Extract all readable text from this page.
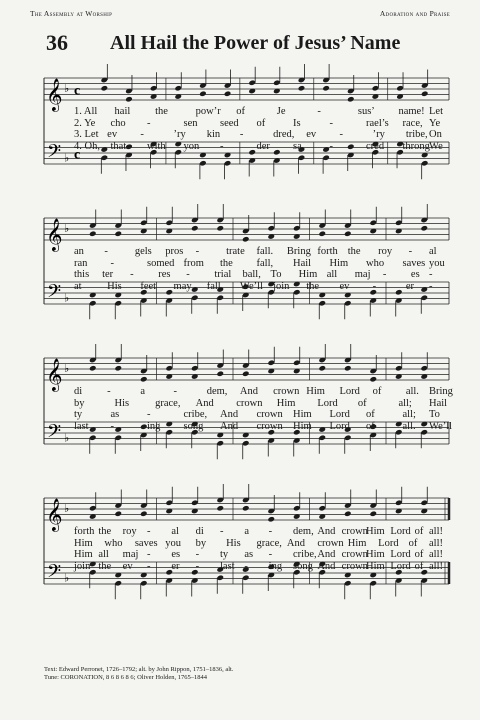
The Assembly at Worship	Adoration and Praise
36 All Hail the Power of Jesus’ Name
𝄞
𝄢
♭
♭
c
c
1. All hail the	pow’r of	Je	-	sus’ name! Let
2. Ye cho -	sen seed of	Is	-	rael’s race, Ye
3. Let ev -	’ry kin -	dred, ev -	’ry tribe, On
4. Oh, that with yon -	der sa	-	cred throng We
𝄞
𝄢
♭
♭
an -	gels pros -	trate fall. Bring forth the roy - al
ran -	somed from the fall, Hail Him who saves you
this ter - res - trial ball, To Him all maj - es -
at His feet may fall, We’ll join the ev -	er -
𝄞
𝄢
♭
♭
di -	a	-	dem, And crown Him Lord of all. Bring
by	His grace, And crown Him Lord of	all; Hail
ty	as	-	cribe, And crown Him Lord of	all; To
last -	ing song And crown Him Lord of	all. We’ll
𝄞
𝄢
♭
♭
forth the roy - al di - a - dem, And crown
Him Lord of all!
Him who saves you by His grace, And crown Him Lord of all!
Him all maj - es - ty as - cribe, And crown
Him Lord of all!
join the ev - er - last - ing song And crown
Him Lord of all!
Text: Edward Perronet, 1726–1792; alt. by John Rippon, 1751–1836, alt.
Tune: CORONATION, 8 6 8 6 8 6; Oliver Holden, 1765–1844
